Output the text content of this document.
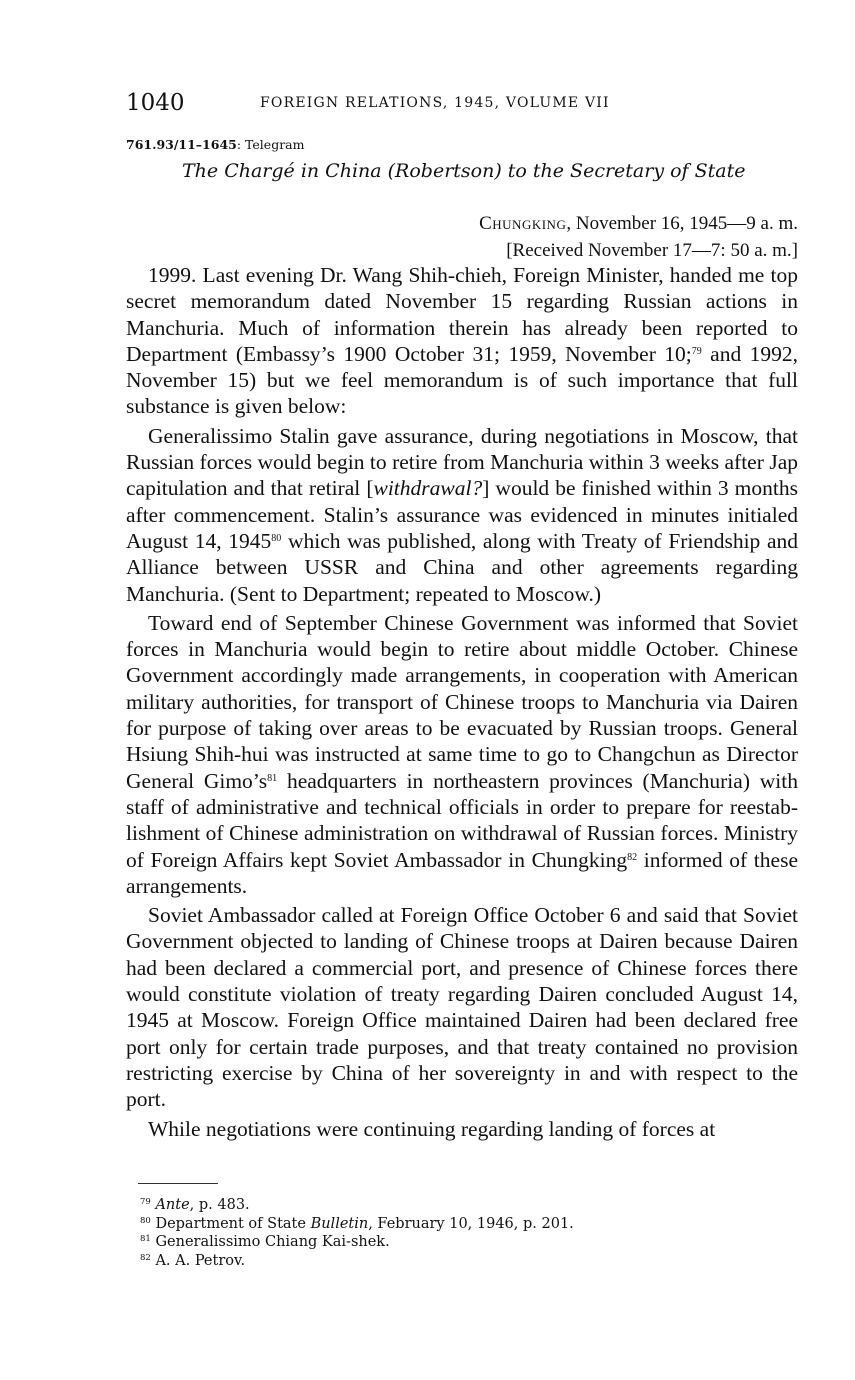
1040	FOREIGN RELATIONS, 1945, VOLUME VII
761.93/11–1645: Telegram
The Chargé in China (Robertson) to the Secretary of State
Chungking, November 16, 1945—9 a. m.
[Received November 17—7: 50 a. m.]

1999. Last evening Dr. Wang Shih-chieh, Foreign Minister, handed me top secret memorandum dated November 15 regarding Russian actions in Manchuria. Much of information therein has already been reported to Department (Embassy’s 1900 October 31; 1959, November 10;$^{79}$ and 1992, November 15) but we feel memorandum is of such importance that full substance is given below:

Generalissimo Stalin gave assurance, during negotiations in Moscow, that Russian forces would begin to retire from Manchuria within 3 weeks after Jap capitulation and that retiral [withdrawal?] would be finished within 3 months after commencement. Stalin’s assurance was evidenced in minutes initialed August 14, 1945$^{80}$ which was published, along with Treaty of Friendship and Alliance between USSR and China and other agreements regarding Manchuria. (Sent to Department; repeated to Moscow.)

Toward end of September Chinese Government was informed that Soviet forces in Manchuria would begin to retire about middle October. Chinese Government accordingly made arrangements, in cooperation with American military authorities, for transport of Chinese troops to Manchuria via Dairen for purpose of taking over areas to be evacuated by Russian troops. General Hsiung Shih-hui was instructed at same time to go to Changchun as Director General $Gimo’s^{81}$ headquarters in northeastern provinces (Manchuria) with staff of administrative and technical officials in order to prepare for reestablishment of Chinese administration on withdrawal of Russian forces. Ministry of Foreign Affairs kept Soviet Ambassador in Chungking$^{82}$ informed of these arrangements.

Soviet Ambassador called at Foreign Office October 6 and said that Soviet Government objected to landing of Chinese troops at Dairen because Dairen had been declared a commercial port, and presence of Chinese forces there would constitute violation of treaty regarding Dairen concluded August 14, 1945 at Moscow. Foreign Office maintained Dairen had been declared free port only for certain trade purposes, and that treaty contained no provision restricting exercise by China of her sovereignty in and with respect to the port.

While negotiations were continuing regarding landing of forces at

$^{79}$ Ante, p. 483.
$^{80}$ Department of State Bulletin, February 10, 1946, p. 201.
$^{81}$ Generalissimo Chiang Kai-shek.
$^{82}$ A. A. Petrov.
